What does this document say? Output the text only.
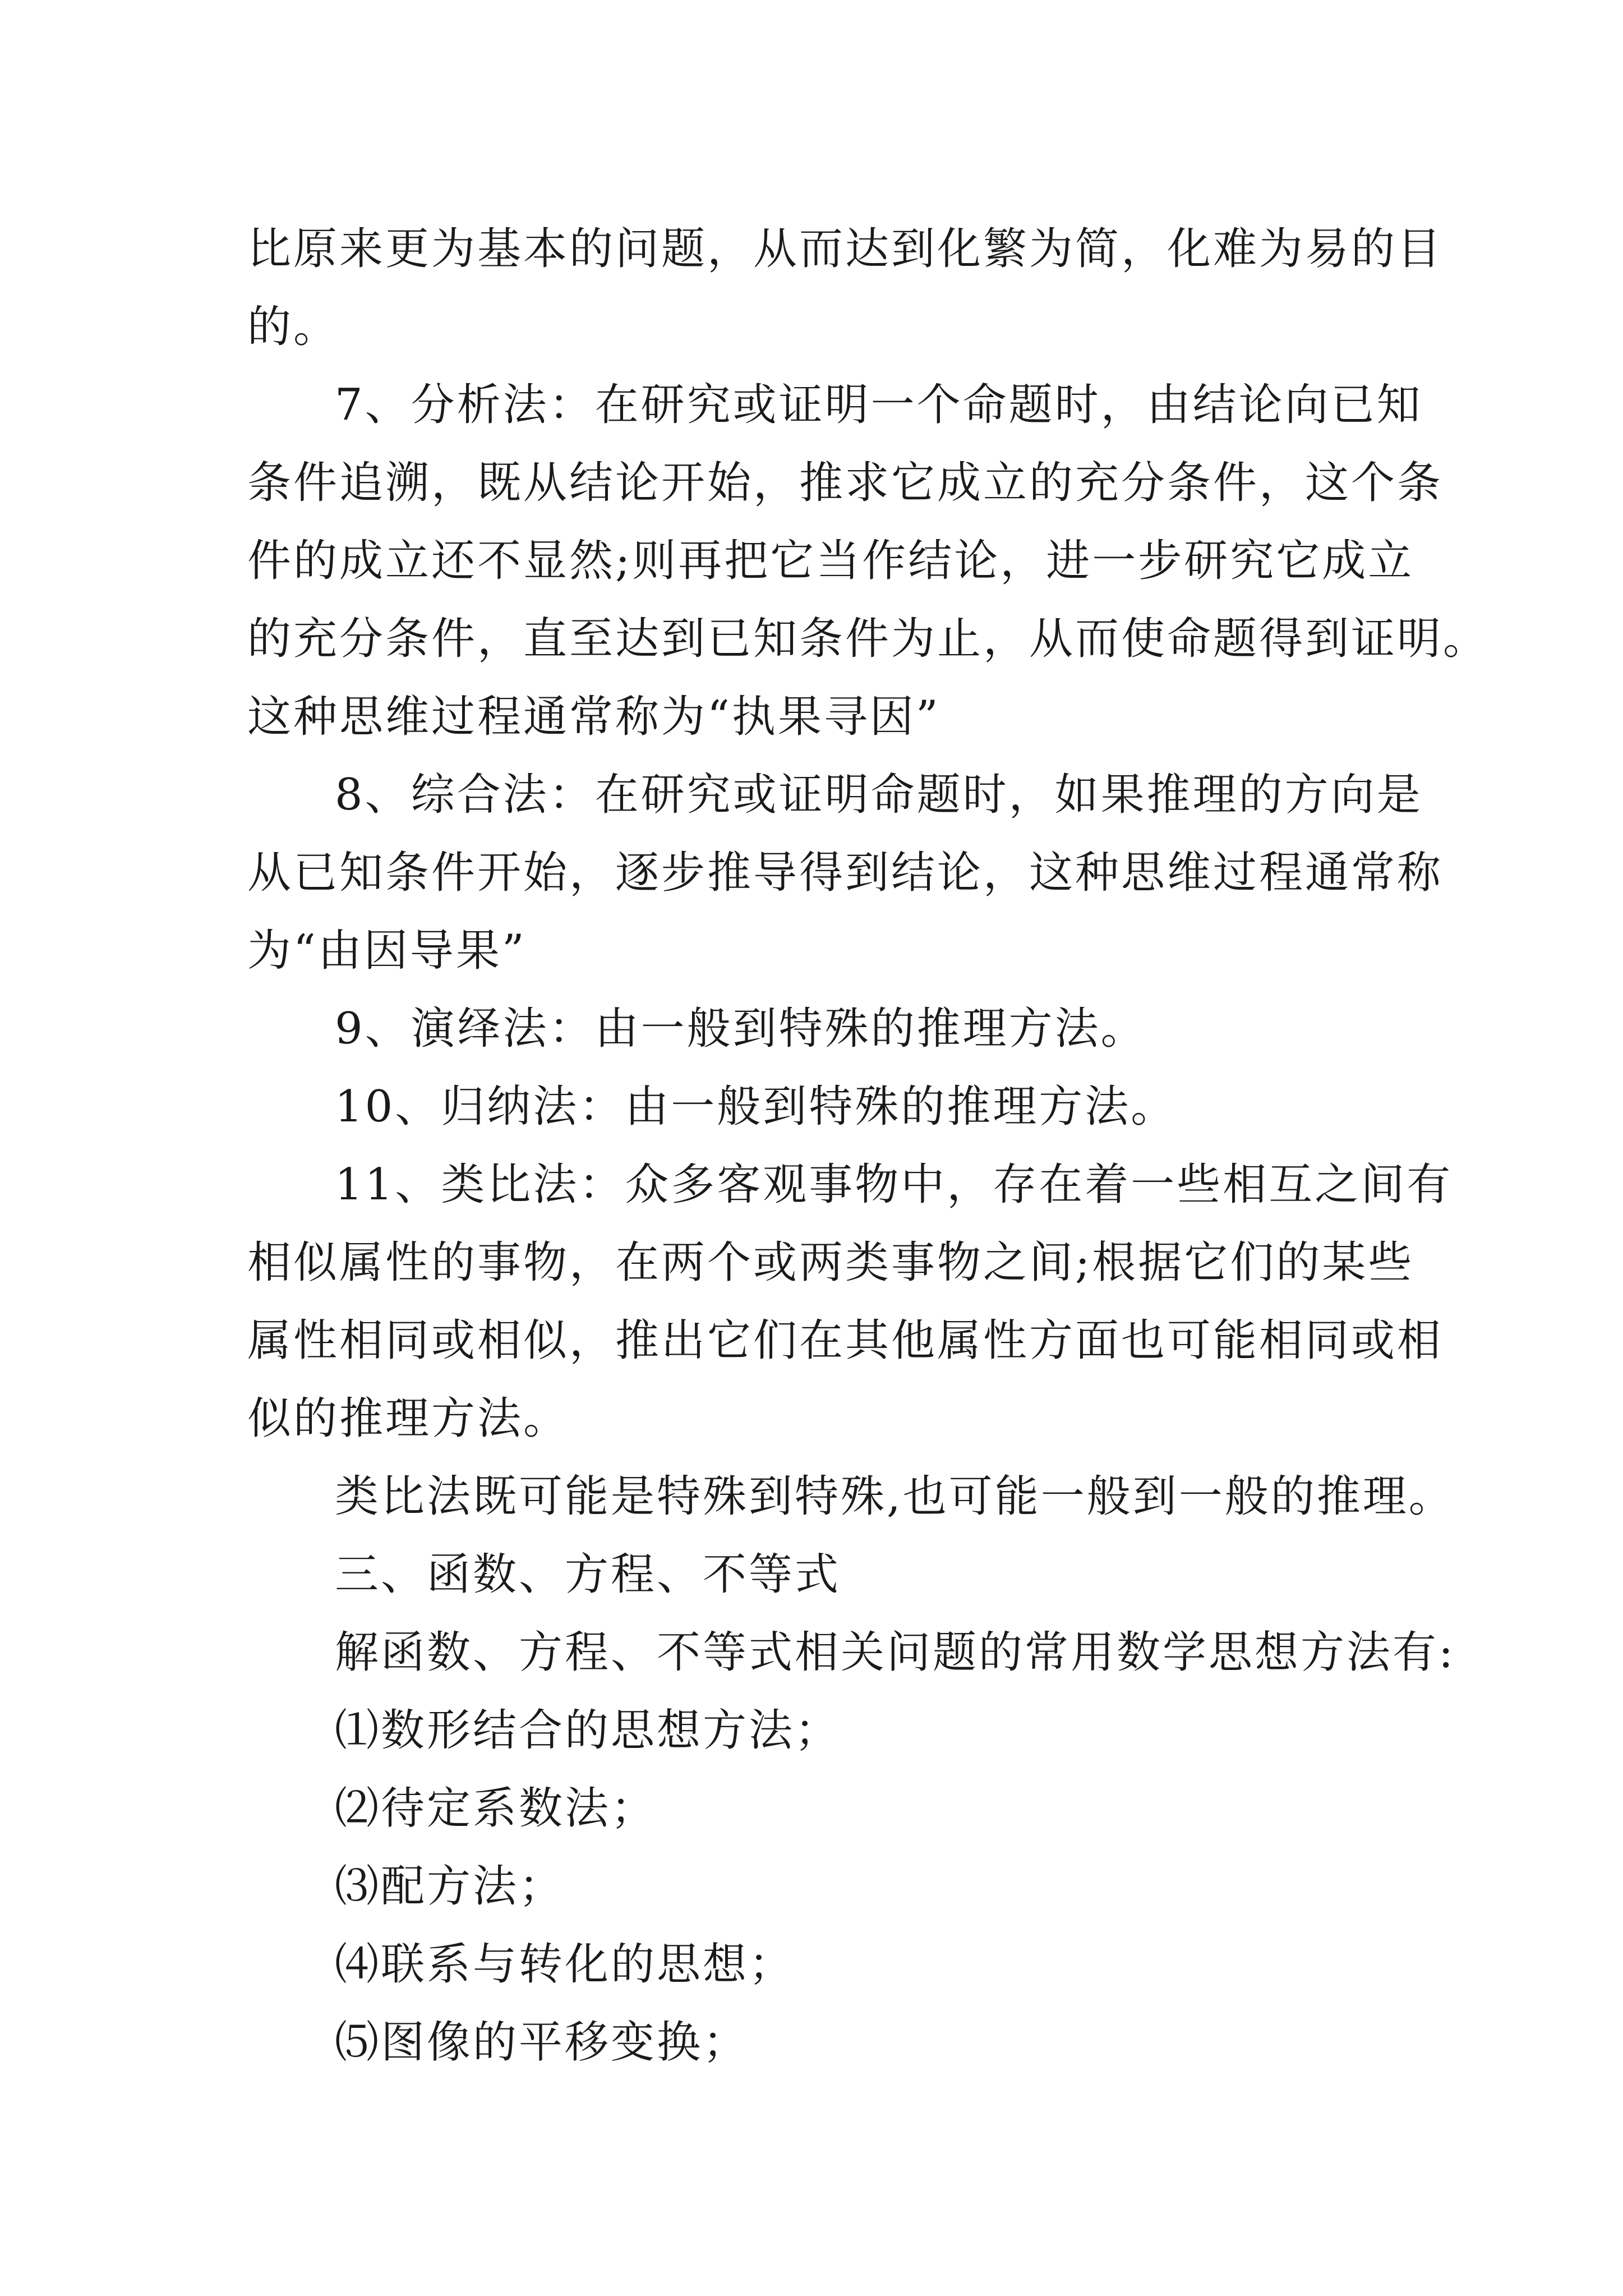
比原来更为基本的问题，从而达到化繁为简，化难为易的目
的。
7、分析法：在研究或证明一个命题时，由结论向已知
条件追溯，既从结论开始，推求它成立的充分条件，这个条
件的成立还不显然;则再把它当作结论，进一步研究它成立
的充分条件，直至达到已知条件为止，从而使命题得到证明。
这种思维过程通常称为“执果寻因”
8、综合法：在研究或证明命题时，如果推理的方向是
从已知条件开始，逐步推导得到结论，这种思维过程通常称
为“由因导果”
9、演绎法：由一般到特殊的推理方法。
10、归纳法：由一般到特殊的推理方法。
11、类比法：众多客观事物中，存在着一些相互之间有
相似属性的事物，在两个或两类事物之间;根据它们的某些
属性相同或相似，推出它们在其他属性方面也可能相同或相
似的推理方法。
类比法既可能是特殊到特殊,也可能一般到一般的推理。
三、函数、方程、不等式
解函数、方程、不等式相关问题的常用数学思想方法有:
⑴数形结合的思想方法；
⑵待定系数法；
⑶配方法；
⑷联系与转化的思想；
⑸图像的平移变换；
